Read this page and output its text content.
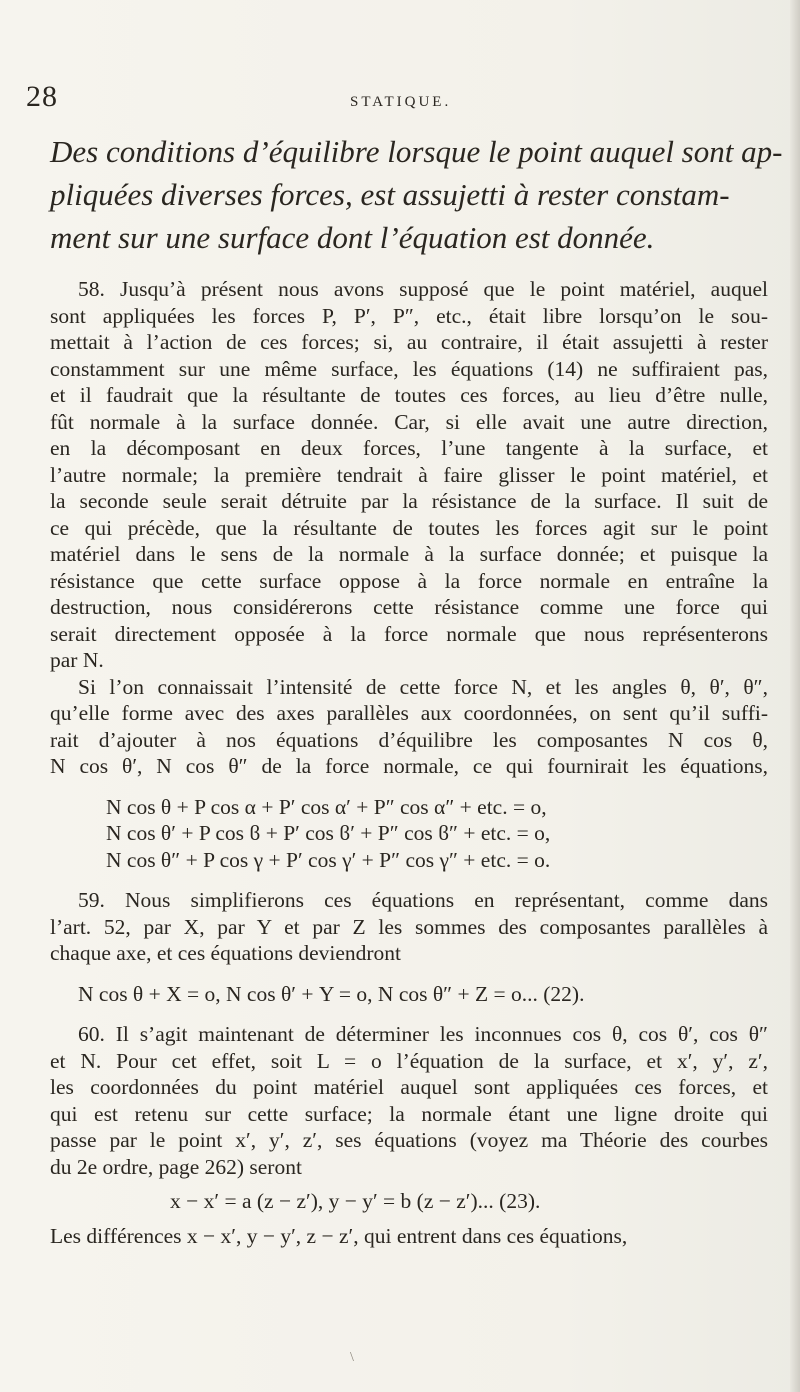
28	STATIQUE.
Des conditions d’équilibre lorsque le point auquel sont ap-
pliquées diverses forces, est assujetti à rester constam-
ment sur une surface dont l’équation est donnée.
58. Jusqu’à présent nous avons supposé que le point matériel, auquel
sont appliquées les forces P, P′, P″, etc., était libre lorsqu’on le sou-
mettait à l’action de ces forces; si, au contraire, il était assujetti à rester
constamment sur une même surface, les équations (14) ne suffiraient pas,
et il faudrait que la résultante de toutes ces forces, au lieu d’être nulle,
fût normale à la surface donnée. Car, si elle avait une autre direction,
en la décomposant en deux forces, l’une tangente à la surface, et
l’autre normale; la première tendrait à faire glisser le point matériel, et
la seconde seule serait détruite par la résistance de la surface. Il suit de
ce qui précède, que la résultante de toutes les forces agit sur le point
matériel dans le sens de la normale à la surface donnée; et puisque la
résistance que cette surface oppose à la force normale en entraîne la
destruction, nous considérerons cette résistance comme une force qui
serait directement opposée à la force normale que nous représenterons
par N.
Si l’on connaissait l’intensité de cette force N, et les angles θ, θ′, θ″,
qu’elle forme avec des axes parallèles aux coordonnées, on sent qu’il suffi-
rait d’ajouter à nos équations d’équilibre les composantes N cos θ,
N cos θ′, N cos θ″ de la force normale, ce qui fournirait les équations,
N cos θ + P cos α + P′ cos α′ + P″ cos α″ + etc. = o,
N cos θ′ + P cos ϐ + P′ cos ϐ′ + P″ cos ϐ″ + etc. = o,
N cos θ″ + P cos γ + P′ cos γ′ + P″ cos γ″ + etc. = o.
59. Nous simplifierons ces équations en représentant, comme dans
l’art. 52, par X, par Y et par Z les sommes des composantes parallèles à
chaque axe, et ces équations deviendront
N cos θ + X = o, N cos θ′ + Y = o, N cos θ″ + Z = o... (22).
60. Il s’agit maintenant de déterminer les inconnues cos θ, cos θ′, cos θ″
et N. Pour cet effet, soit L = o l’équation de la surface, et x′, y′, z′,
les coordonnées du point matériel auquel sont appliquées ces forces, et
qui est retenu sur cette surface; la normale étant une ligne droite qui
passe par le point x′, y′, z′, ses équations (voyez ma Théorie des courbes
du 2e ordre, page 262) seront
x − x′ = a (z − z′), y − y′ = b (z − z′)... (23).
Les différences x − x′, y − y′, z − z′, qui entrent dans ces équations,
\
